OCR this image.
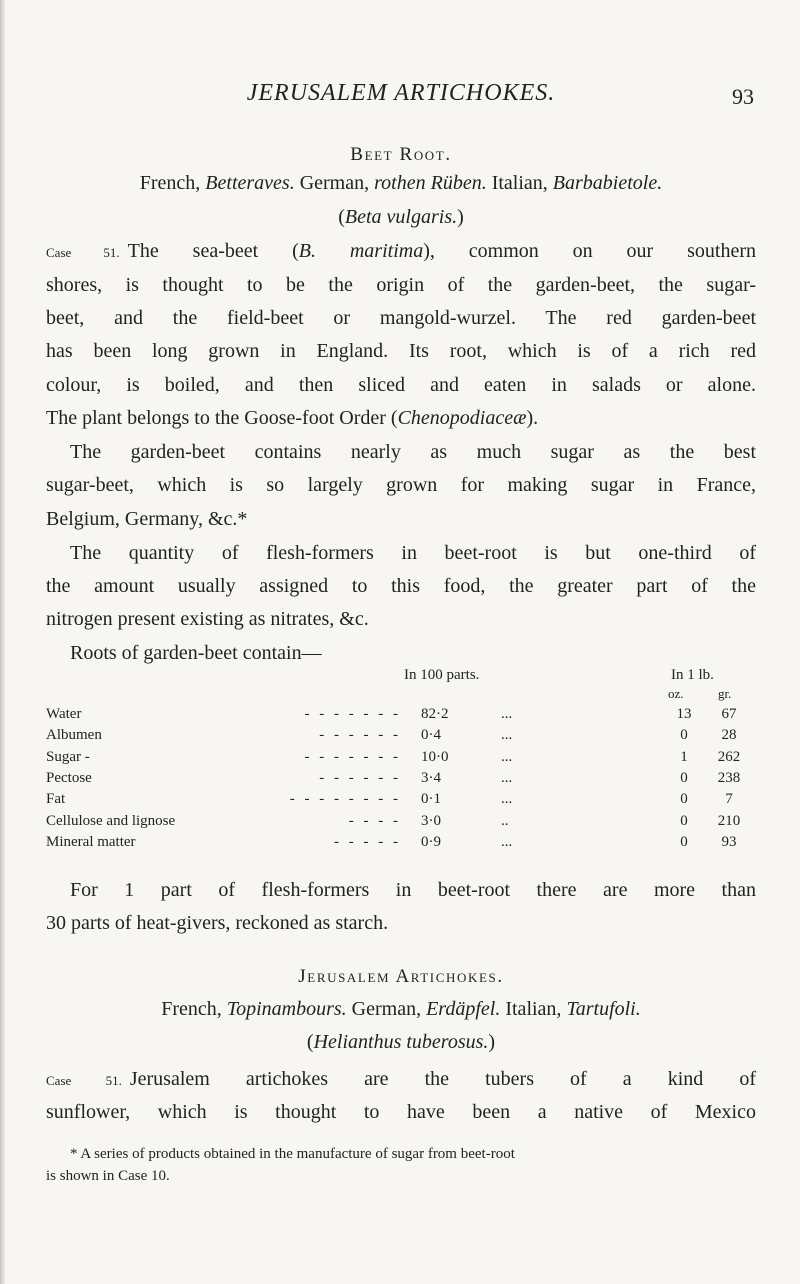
JERUSALEM ARTICHOKES.	93
Beet Root.
French, Betteraves. German, rothen Rüben. Italian, Barbabietole.
(Beta vulgaris.)
Case 51. The sea-beet (B. maritima), common on our southern
shores, is thought to be the origin of the garden-beet, the sugar-
beet, and the field-beet or mangold-wurzel. The red garden-beet
has been long grown in England. Its root, which is of a rich red
colour, is boiled, and then sliced and eaten in salads or alone.
The plant belongs to the Goose-foot Order (Chenopodiaceæ).
The garden-beet contains nearly as much sugar as the best
sugar-beet, which is so largely grown for making sugar in France,
Belgium, Germany, &c.*
The quantity of flesh-formers in beet-root is but one-third of
the amount usually assigned to this food, the greater part of the
nitrogen present existing as nitrates, &c.
Roots of garden-beet contain—
In 100 parts.	In 1 lb.
oz.	gr.
Water	- - - - - - - 82·2	...	13	67
Albumen	- - - - - - 0·4	...	0	28
Sugar -	- - - - - - - 10·0	...	1	262
Pectose	- - - - - - 3·4	...	0	238
Fat	- - - - - - - - 0·1	...	0	7
Cellulose and lignose	- - - - 3·0	..	0	210
Mineral matter	- - - - - 0·9	...	0	93
For 1 part of flesh-formers in beet-root there are more than
30 parts of heat-givers, reckoned as starch.
Jerusalem Artichokes.
French, Topinambours. German, Erdäpfel. Italian, Tartufoli.
(Helianthus tuberosus.)
Case 51. Jerusalem artichokes are the tubers of a kind of
sunflower, which is thought to have been a native of Mexico
* A series of products obtained in the manufacture of sugar from beet-root
is shown in Case 10.
